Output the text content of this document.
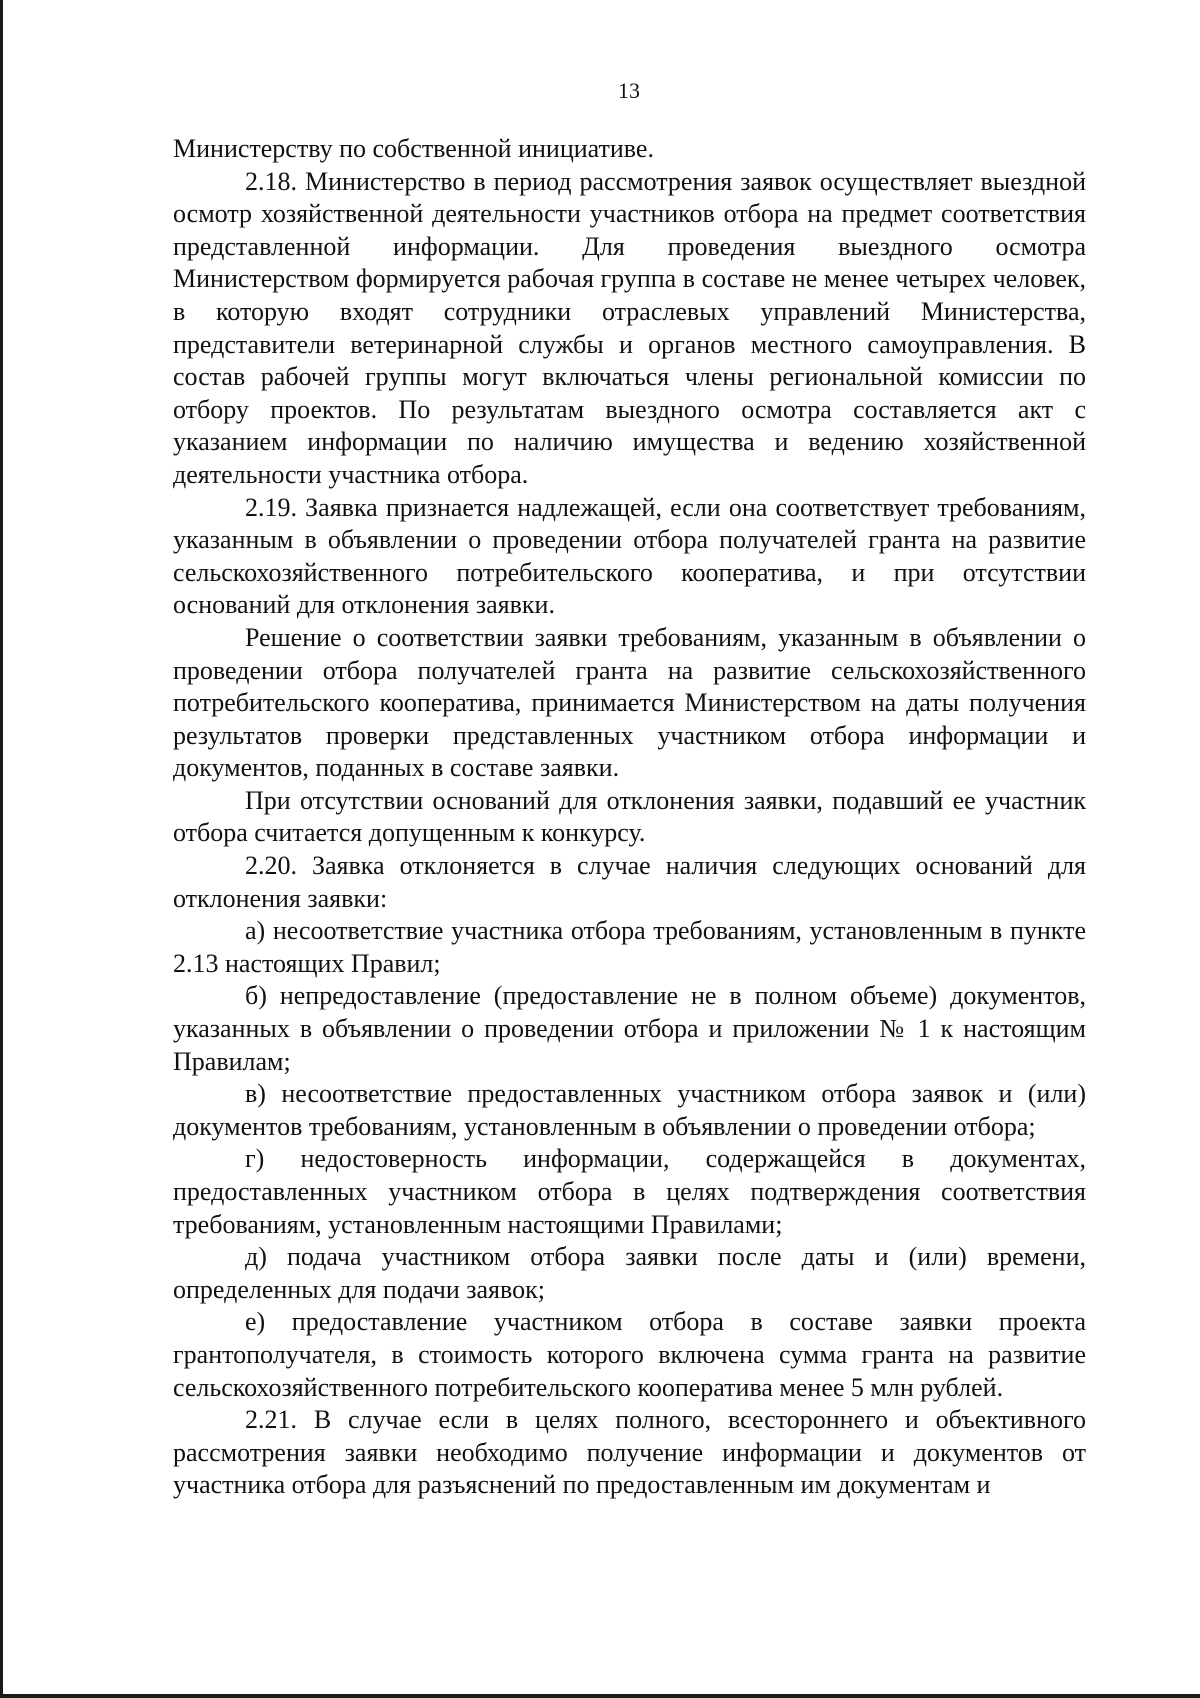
13

Министерству по собственной инициативе.

2.18. Министерство в период рассмотрения заявок осуществляет выездной осмотр хозяйственной деятельности участников отбора на предмет соответствия представленной информации. Для проведения выездного осмотра Министерством формируется рабочая группа в составе не менее четырех человек, в которую входят сотрудники отраслевых управлений Министерства, представители ветеринарной службы и органов местного самоуправления. В состав рабочей группы могут включаться члены региональной комиссии по отбору проектов. По результатам выездного осмотра составляется акт с указанием информации по наличию имущества и ведению хозяйственной деятельности участника отбора.

2.19. Заявка признается надлежащей, если она соответствует требованиям, указанным в объявлении о проведении отбора получателей гранта на развитие сельскохозяйственного потребительского кооператива, и при отсутствии оснований для отклонения заявки.

Решение о соответствии заявки требованиям, указанным в объявлении о проведении отбора получателей гранта на развитие сельскохозяйственного потребительского кооператива, принимается Министерством на даты получения результатов проверки представленных участником отбора информации и документов, поданных в составе заявки.

При отсутствии оснований для отклонения заявки, подавший ее участник отбора считается допущенным к конкурсу.

2.20. Заявка отклоняется в случае наличия следующих оснований для отклонения заявки:

а) несоответствие участника отбора требованиям, установленным в пункте 2.13 настоящих Правил;

б) непредоставление (предоставление не в полном объеме) документов, указанных в объявлении о проведении отбора и приложении № 1 к настоящим Правилам;

в) несоответствие предоставленных участником отбора заявок и (или) документов требованиям, установленным в объявлении о проведении отбора;

г) недостоверность информации, содержащейся в документах, предоставленных участником отбора в целях подтверждения соответствия требованиям, установленным настоящими Правилами;

д) подача участником отбора заявки после даты и (или) времени, определенных для подачи заявок;

е) предоставление участником отбора в составе заявки проекта грантополучателя, в стоимость которого включена сумма гранта на развитие сельскохозяйственного потребительского кооператива менее 5 млн рублей.

2.21. В случае если в целях полного, всестороннего и объективного рассмотрения заявки необходимо получение информации и документов от участника отбора для разъяснений по предоставленным им документам и
